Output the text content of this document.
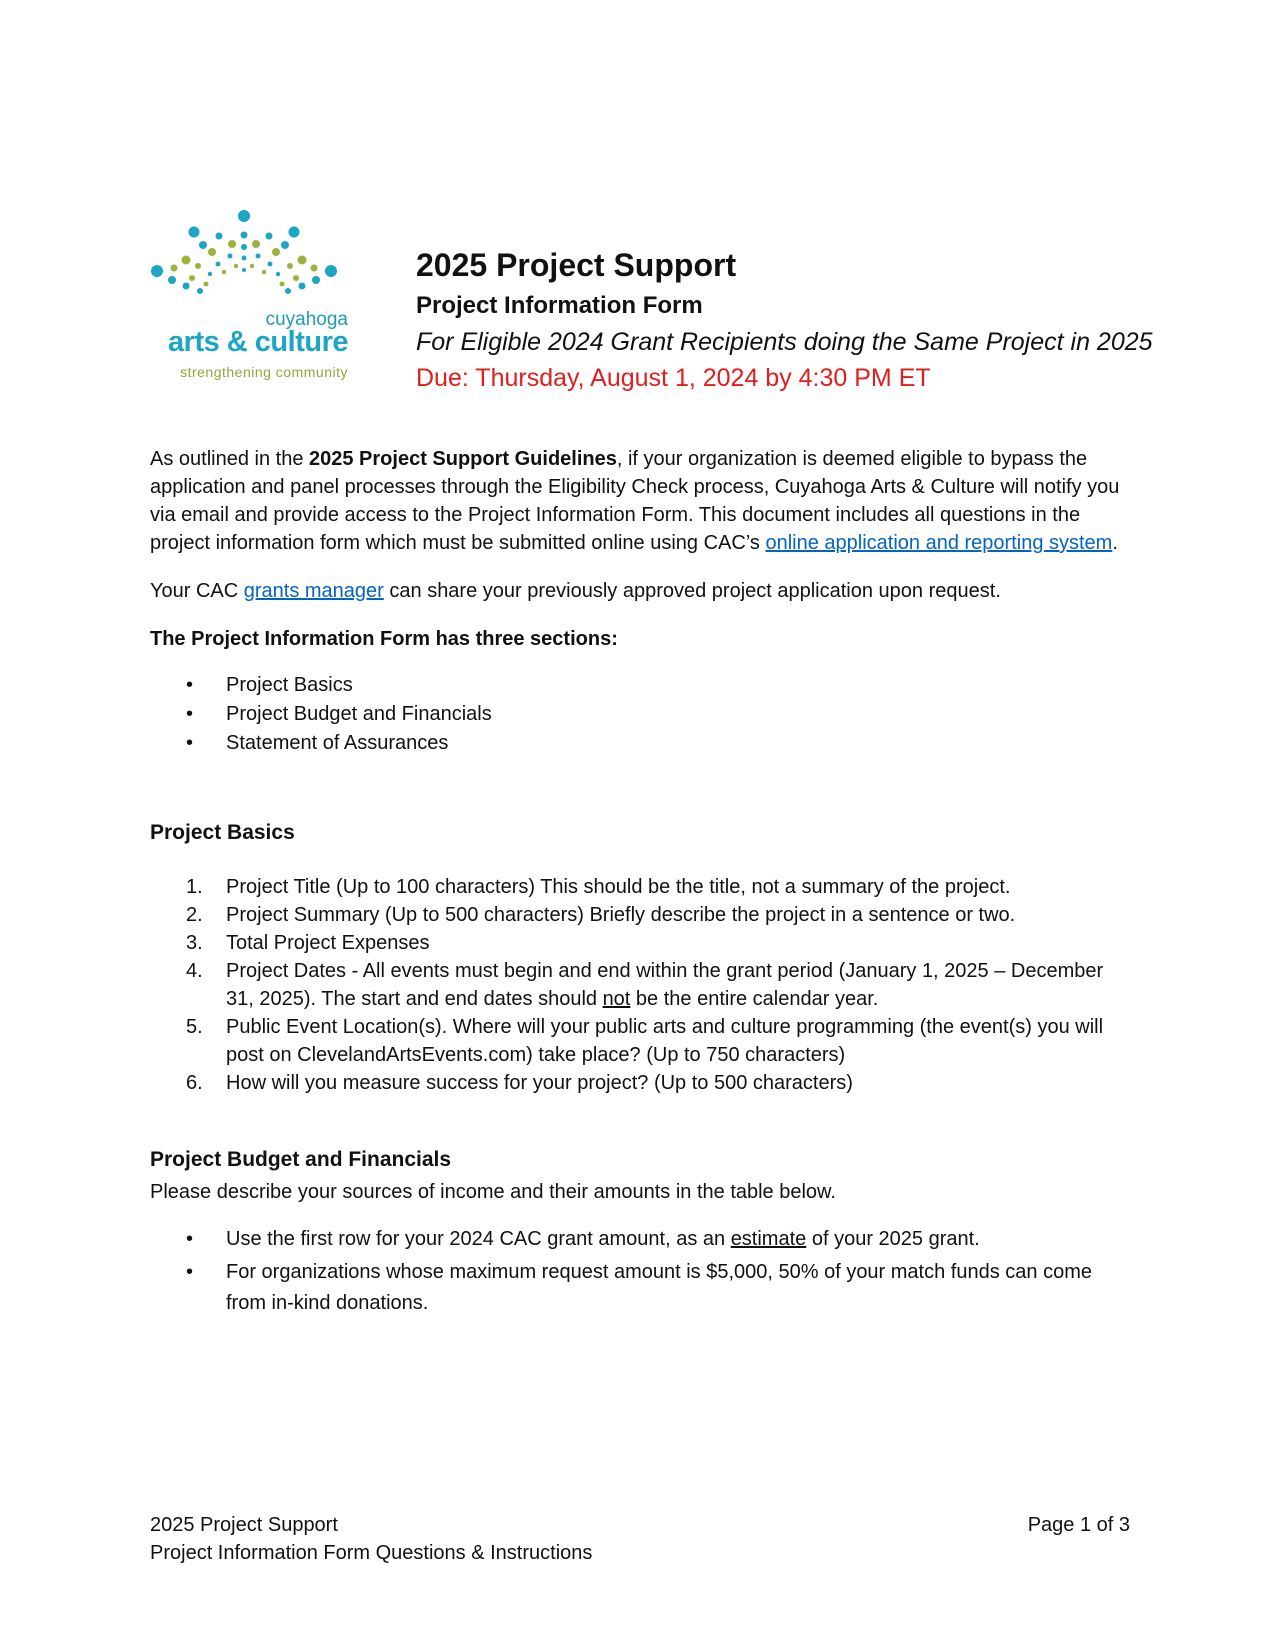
cuyahoga
arts & culture
strengthening community
2025 Project Support
Project Information Form
For Eligible 2024 Grant Recipients doing the Same Project in 2025
Due: Thursday, August 1, 2024 by 4:30 PM ET

As outlined in the 2025 Project Support Guidelines, if your organization is deemed eligible to bypass the application and panel processes through the Eligibility Check process, Cuyahoga Arts & Culture will notify you via email and provide access to the Project Information Form. This document includes all questions in the project information form which must be submitted online using CAC’s online application and reporting system.

Your CAC grants manager can share your previously approved project application upon request.

The Project Information Form has three sections:

• Project Basics
• Project Budget and Financials
• Statement of Assurances

Project Basics

1. Project Title (Up to 100 characters) This should be the title, not a summary of the project.
2. Project Summary (Up to 500 characters) Briefly describe the project in a sentence or two.
3. Total Project Expenses
4. Project Dates - All events must begin and end within the grant period (January 1, 2025 – December 31, 2025). The start and end dates should not be the entire calendar year.
5. Public Event Location(s). Where will your public arts and culture programming (the event(s) you will post on ClevelandArtsEvents.com) take place? (Up to 750 characters)
6. How will you measure success for your project? (Up to 500 characters)

Project Budget and Financials

Please describe your sources of income and their amounts in the table below.

• Use the first row for your 2024 CAC grant amount, as an estimate of your 2025 grant.
• For organizations whose maximum request amount is $5,000, 50% of your match funds can come from in-kind donations.
2025 Project Support
Project Information Form Questions & Instructions
Page 1 of 3
